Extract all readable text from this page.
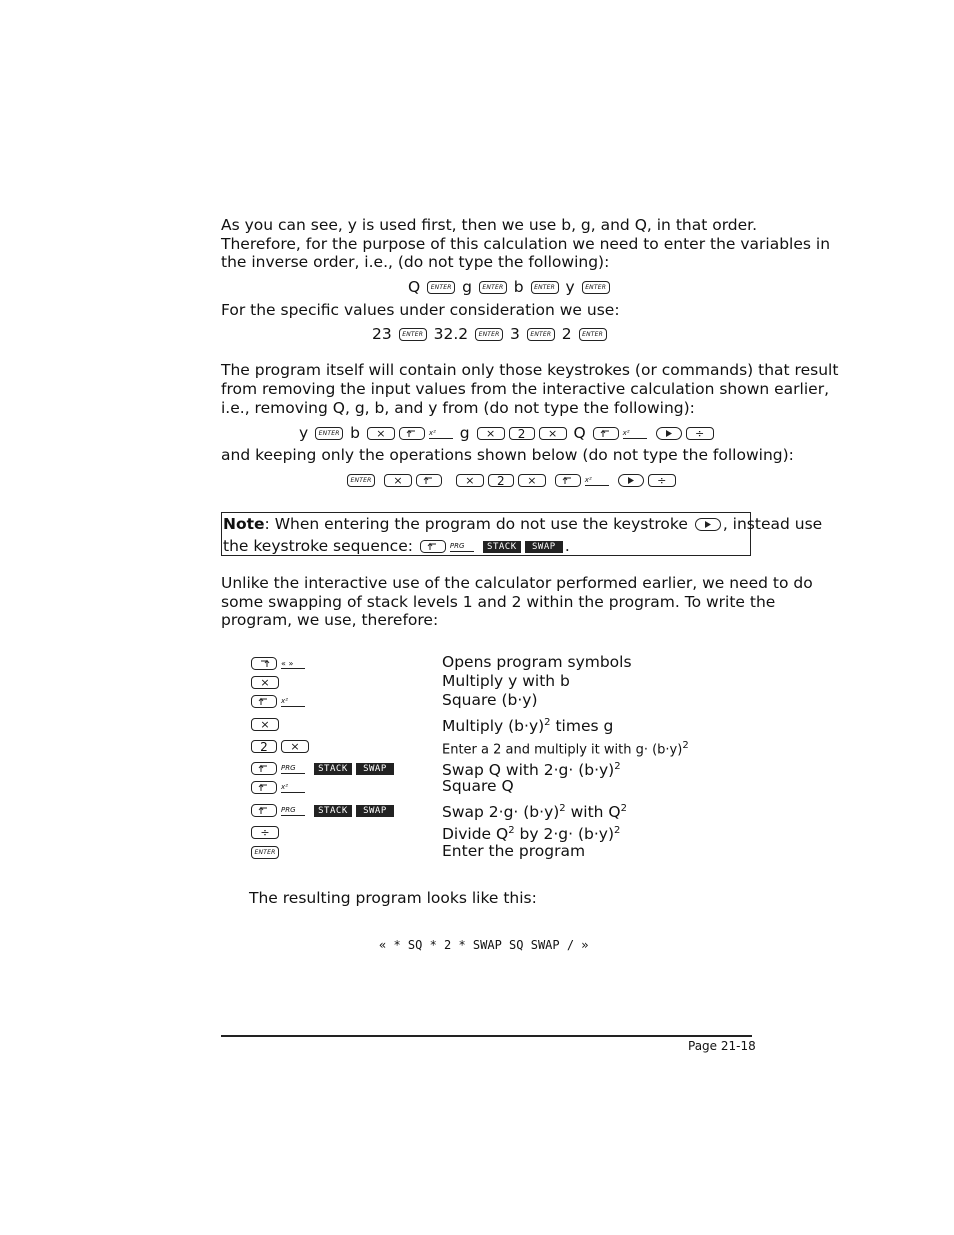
As you can see, y is used first, then we use b, g, and Q, in that order.
Therefore, for the purpose of this calculation we need to enter the variables in
the inverse order, i.e., (do not type the following):
Q ENTER g ENTER b ENTER y ENTER
For the specific values under consideration we use:
23 ENTER 32.2 ENTER 3 ENTER 2 ENTER
The program itself will contain only those keystrokes (or commands) that result
from removing the input values from the interactive calculation shown earlier,
i.e., removing Q, g, b, and y from (do not type the following):
y ENTER b ×	x² g × 2 × Q	x²	÷
and keeping only the operations shown below (do not type the following):
ENTER ×	× 2 ×	x²	÷
Note: When entering the program do not use the keystroke , instead use
the keystroke sequence:	PRG	STACK SWAP .
Unlike the interactive use of the calculator performed earlier, we need to do
some swapping of stack levels 1 and 2 within the program. To write the
program, we use, therefore:
« »	Opens program symbols
×	Multiply y with b
x²	Square (b·y)
×	Multiply $(b\cdot y)^2$ times g
2 ×	Enter a 2 and multiply it with $g\cdot (b\cdot y)^2$
PRG	STACK SWAP	Swap Q with $2\cdot g\cdot (b\cdot y)^2$
x²	Square Q
PRG	STACK SWAP	Swap $2\cdot g\cdot (b\cdot y)^2$ with $Q^2$
÷	Divide $Q^2$ by $2\cdot g\cdot (b\cdot y)^2$
ENTER	Enter the program
The resulting program looks like this:
« * SQ * 2 * SWAP SQ SWAP / »
Page 21-18
